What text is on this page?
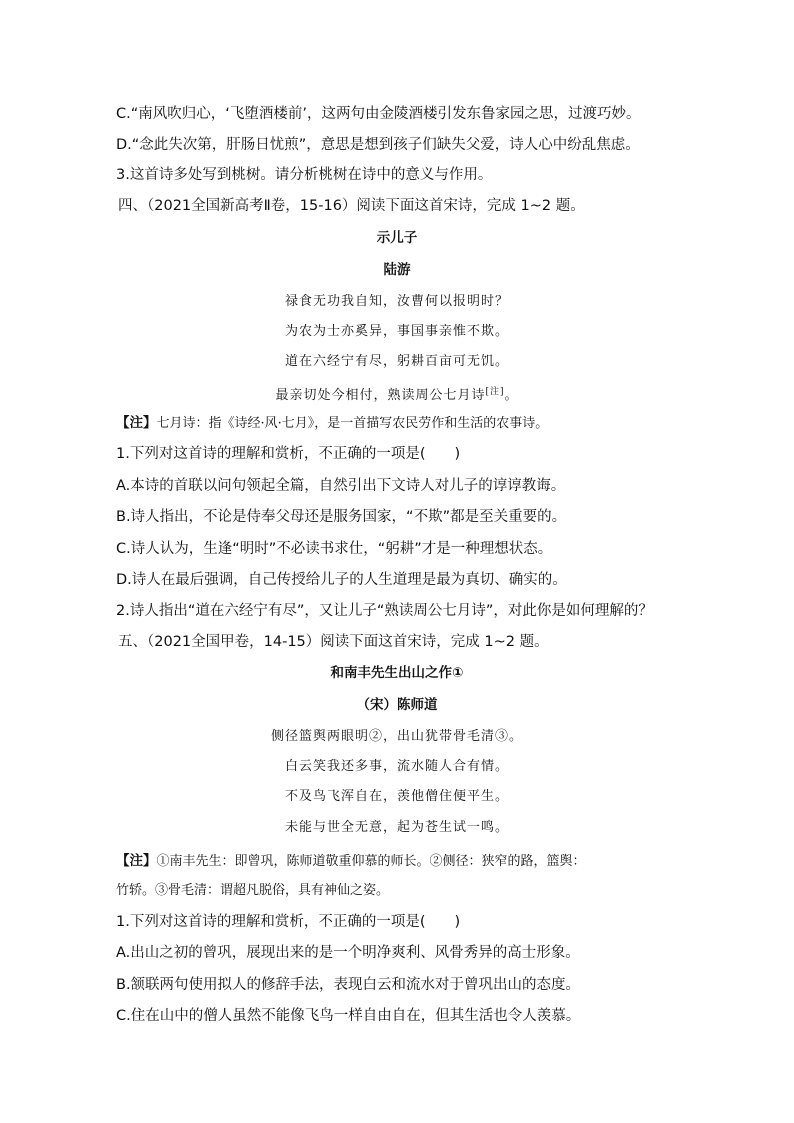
C.“南风吹归心，‘飞堕酒楼前’，这两句由金陵酒楼引发东鲁家园之思，过渡巧妙。
D.“念此失次第，肝肠日忧煎”，意思是想到孩子们缺失父爱，诗人心中纷乱焦虑。
3.这首诗多处写到桃树。请分析桃树在诗中的意义与作用。
四、（2021全国新高考Ⅱ卷，15-16）阅读下面这首宋诗，完成 1~2 题。
示儿子
陆游
禄食无功我自知，汝曹何以报明时？
为农为士亦奚异，事国事亲惟不欺。
道在六经宁有尽，躬耕百亩可无饥。
最亲切处今相付，熟读周公七月诗[注]。
【注】七月诗：指《诗经·风·七月》，是一首描写农民劳作和生活的农事诗。
1.下列对这首诗的理解和赏析，不正确的一项是(　　)
A.本诗的首联以问句领起全篇，自然引出下文诗人对儿子的谆谆教诲。
B.诗人指出，不论是侍奉父母还是服务国家，“不欺”都是至关重要的。
C.诗人认为，生逢“明时”不必读书求仕，“躬耕”才是一种理想状态。
D.诗人在最后强调，自己传授给儿子的人生道理是最为真切、确实的。
2.诗人指出“道在六经宁有尽”，又让儿子“熟读周公七月诗”，对此你是如何理解的？
五、（2021全国甲卷，14-15）阅读下面这首宋诗，完成 1~2 题。
和南丰先生出山之作①
（宋）陈师道
侧径篮舆两眼明②，出山犹带骨毛清③。
白云笑我还多事，流水随人合有情。
不及鸟飞浑自在，羡他僧住便平生。
未能与世全无意，起为苍生试一鸣。
【注】①南丰先生：即曾巩，陈师道敬重仰慕的师长。②侧径：狭窄的路，篮舆：
竹轿。③骨毛清：谓超凡脱俗，具有神仙之姿。
1.下列对这首诗的理解和赏析，不正确的一项是(　　)
A.出山之初的曾巩，展现出来的是一个明净爽利、风骨秀异的高士形象。
B.颔联两句使用拟人的修辞手法，表现白云和流水对于曾巩出山的态度。
C.住在山中的僧人虽然不能像飞鸟一样自由自在，但其生活也令人羡慕。
